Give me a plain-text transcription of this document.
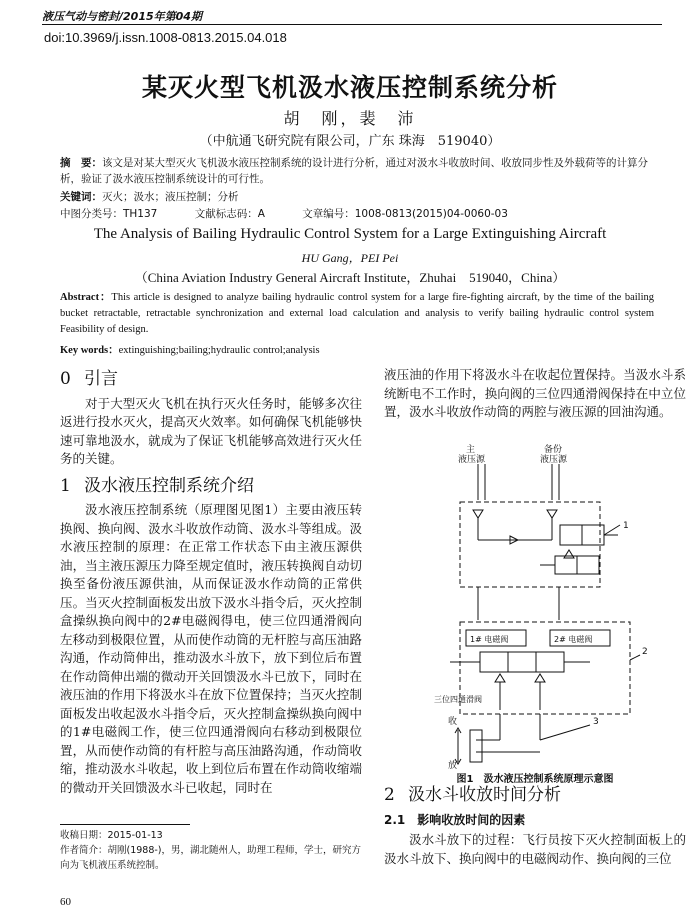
液压气动与密封/2015年第04期
doi:10.3969/j.issn.1008-0813.2015.04.018
某灭火型飞机汲水液压控制系统分析
胡　刚，裴　沛
（中航通飞研究院有限公司，广东 珠海　519040）
摘　要：该文是对某大型灭火飞机汲水液压控制系统的设计进行分析，通过对汲水斗收放时间、收放同步性及外载荷等的计算分析，验证了汲水液压控制系统设计的可行性。
关键词：灭火；汲水；液压控制；分析
中图分类号：TH137	文献标志码：A	文章编号：1008-0813(2015)04-0060-03
The Analysis of Bailing Hydraulic Control System for a Large Extinguishing Aircraft
HU Gang，PEI Pei
（China Aviation Industry General Aircraft Institute，Zhuhai　519040，China）
Abstract：This article is designed to analyze bailing hydraulic control system for a large fire-fighting aircraft, by the time of the bailing bucket retractable, retractable synchronization and external load calculation and analysis to verify bailing hydraulic control system Feasibility of design.
Key words：extinguishing;bailing;hydraulic control;analysis
0 引言

对于大型灭火飞机在执行灭火任务时，能够多次往返进行投水灭火，提高灭火效率。如何确保飞机能够快速可靠地汲水，就成为了保证飞机能够高效进行灭火任务的关键。

1 汲水液压控制系统介绍

汲水液压控制系统（原理图见图1）主要由液压转换阀、换向阀、汲水斗收放作动筒、汲水斗等组成。汲水液压控制的原理：在正常工作状态下由主液压源供油，当主液压源压力降至规定值时，液压转换阀自动切换至备份液压源供油，从而保证汲水作动筒的正常供压。当灭火控制面板发出放下汲水斗指令后，灭火控制盒操纵换向阀中的2#电磁阀得电，使三位四通滑阀向左移动到极限位置，从而使作动筒的无杆腔与高压油路沟通，作动筒伸出，推动汲水斗放下，放下到位后布置在作动筒伸出端的微动开关回馈汲水斗已放下，同时在液压油的作用下将汲水斗在放下位置保持；当灭火控制面板发出收起汲水斗指令后，灭火控制盒操纵换向阀中的1#电磁阀工作，使三位四通滑阀向右移动到极限位置，从而使作动筒的有杆腔与高压油路沟通，作动筒收缩，推动汲水斗收起，收上到位后布置在作动筒收缩端的微动开关回馈汲水斗已收起，同时在

液压油的作用下将汲水斗在收起位置保持。当汲水斗系统断电不工作时，换向阀的三位四通滑阀保持在中立位置，汲水斗收放作动筒的两腔与液压源的回油沟通。

主
液压源
备份
液压源
1
2
3
1# 电磁阀	2# 电磁阀
三位四通滑阀
收
放
图1　汲水液压控制系统原理示意图
2 汲水斗收放时间分析
2.1　影响收放时间的因素

汲水斗放下的过程：飞行员按下灭火控制面板上的汲水斗放下、换向阀中的电磁阀动作、换向阀的三位

收稿日期：2015-01-13
作者简介：胡刚(1988-)，男，湖北随州人，助理工程师，学士，研究方向为飞机液压系统控制。
60
